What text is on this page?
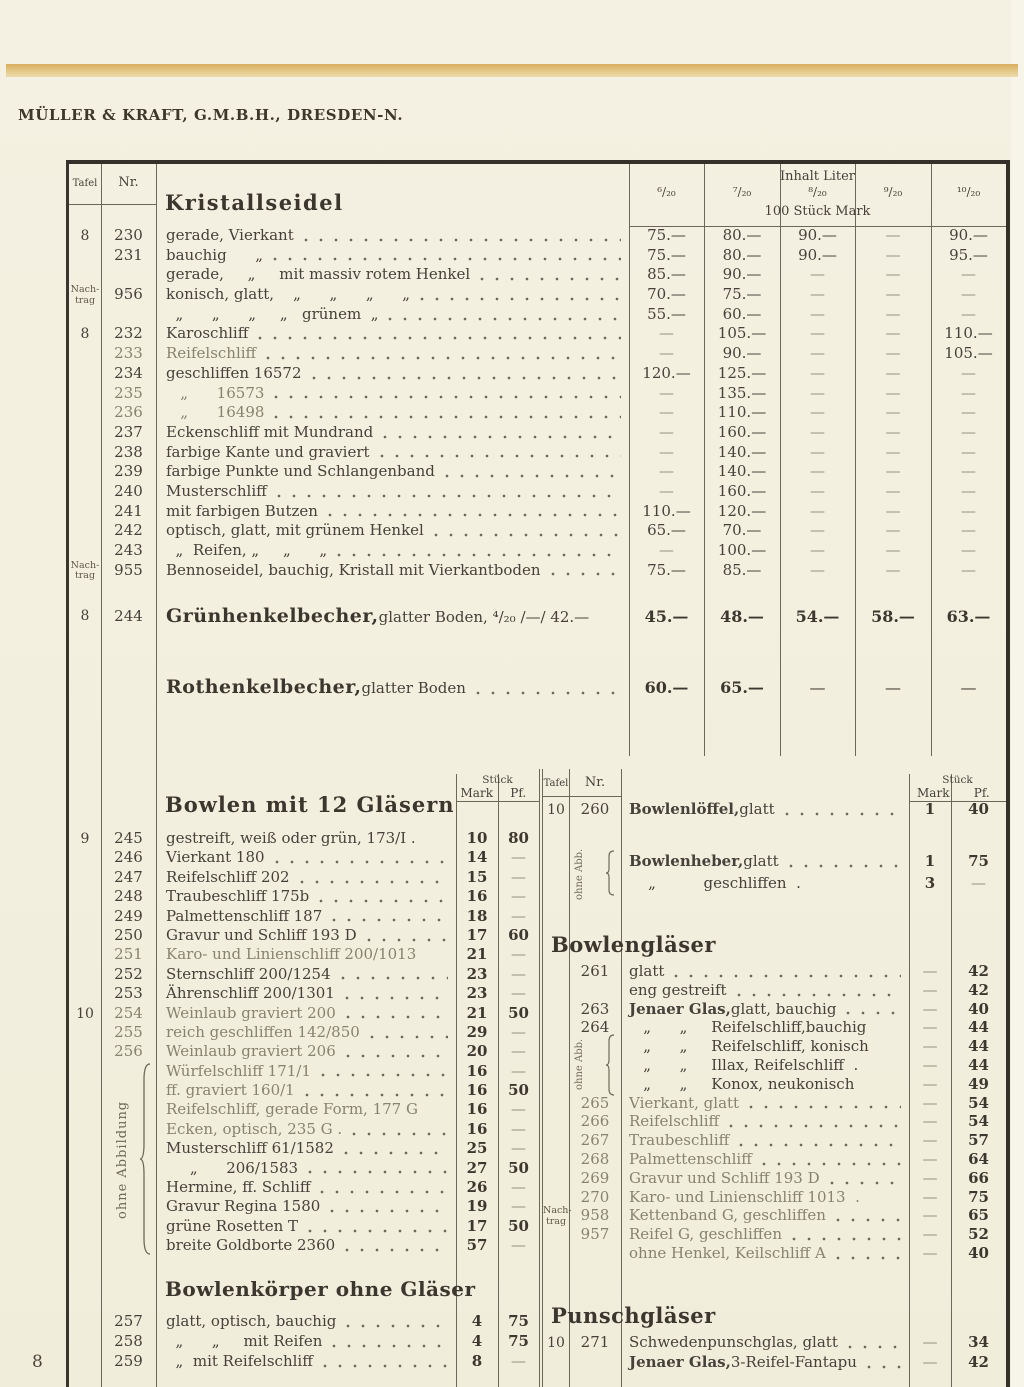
MÜLLER & KRAFT, G.M.B.H., DRESDEN-N.
Tafel	Nr.
Kristallseidel
Inhalt Liter
⁶/₂₀	⁷/₂₀	⁸/₂₀	⁹/₂₀	¹⁰/₂₀
100 Stück Mark
8	230	gerade, Vierkant	75.—	80.—	90.—	—	90.—
231	bauchig      „	75.—	80.—	90.—	—	95.—
gerade,     „     mit massiv rotem Henkel	85.—	90.—	—	—	—
Nach-trag	956	konisch, glatt,    „      „      „      „	70.—	75.—	—	—	—
„      „      „     „   grünem  „	55.—	60.—	—	—	—
8	232	Karoschliff	—	105.—	—	—	110.—
233	Reifelschliff	—	90.—	—	—	105.—
234	geschliffen 16572	120.—	125.—	—	—	—
235	„      16573	—	135.—	—	—	—
236	„      16498	—	110.—	—	—	—
237	Eckenschliff mit Mundrand	—	160.—	—	—	—
238	farbige Kante und graviert	—	140.—	—	—	—
239	farbige Punkte und Schlangenband	—	140.—	—	—	—
240	Musterschliff	—	160.—	—	—	—
241	mit farbigen Butzen	110.—	120.—	—	—	—
242	optisch, glatt, mit grünem Henkel	65.—	70.—	—	—	—
243	„  Reifen, „     „      „	—	100.—	—	—	—
Nach-trag	955	Bennoseidel, bauchig, Kristall mit Vierkantboden	75.—	85.—	—	—	—
8	244	Grünhenkelbecher, glatter Boden, ⁴/₂₀ /—/ 42.—	45.—	48.—	54.—	58.—	63.—
Rothenkelbecher, glatter Boden	60.—	65.—	—	—	—
Stück
Mark	Pf.
Bowlen mit 12 Gläsern
9	245	gestreift, weiß oder grün, 173/I .	10	80
246	Vierkant 180	14	—
247	Reifelschliff 202	15	—
248	Traubeschliff 175b	16	—
249	Palmettenschliff 187	18	—
250	Gravur und Schliff 193 D	17	60
251	Karo- und Linienschliff 200/1013	21	—
252	Sternschliff 200/1254	23	—
253	Ährenschliff 200/1301	23	—
10	254	Weinlaub graviert 200	21	50
255	reich geschliffen 142/850	29	—
256	Weinlaub graviert 206	20	—
Würfelschliff 171/1	16	—
ff. graviert 160/1	16	50
Reifelschliff, gerade Form, 177 G	16	—
Ecken, optisch, 235 G .	16	—
Musterschliff 61/1582	25	—
„      206/1583	27	50
Hermine, ff. Schliff	26	—
Gravur Regina 1580	19	—
grüne Rosetten T	17	50
breite Goldborte 2360	57	—
ohne Abbildung
Bowlenkörper ohne Gläser
257	glatt, optisch, bauchig	4	75
258	„      „     mit Reifen	4	75
259	„  mit Reifelschliff	8	—
Tafel	Nr.	Stück
Mark	Pf.
10	260	Bowlenlöffel, glatt	1	40
Bowlenheber, glatt	1	75
„          geschliffen  .	3	—
Bowlengläser
261	glatt	—	42
eng gestreift	—	42
263	Jenaer Glas, glatt, bauchig	—	40
264	„      „     Reifelschliff,bauchig	—	44
„      „     Reifelschliff, konisch	—	44
„      „     Illax, Reifelschliff  .	—	44
„      „     Konox, neukonisch	—	49
265	Vierkant, glatt	—	54
266	Reifelschliff	—	54
267	Traubeschliff	—	57
268	Palmettenschliff	—	64
269	Gravur und Schliff 193 D	—	66
270	Karo- und Linienschliff 1013  .	—	75
Nach-trag 958	Kettenband G, geschliffen	—	65
957	Reifel G, geschliffen	—	52
ohne Henkel, Keilschliff A	—	40
Punschgläser
10	271	Schwedenpunschglas, glatt	—	34
Jenaer Glas, 3-Reifel-Fantapu	—	42
ohne Abb.
ohne Abb.
8
